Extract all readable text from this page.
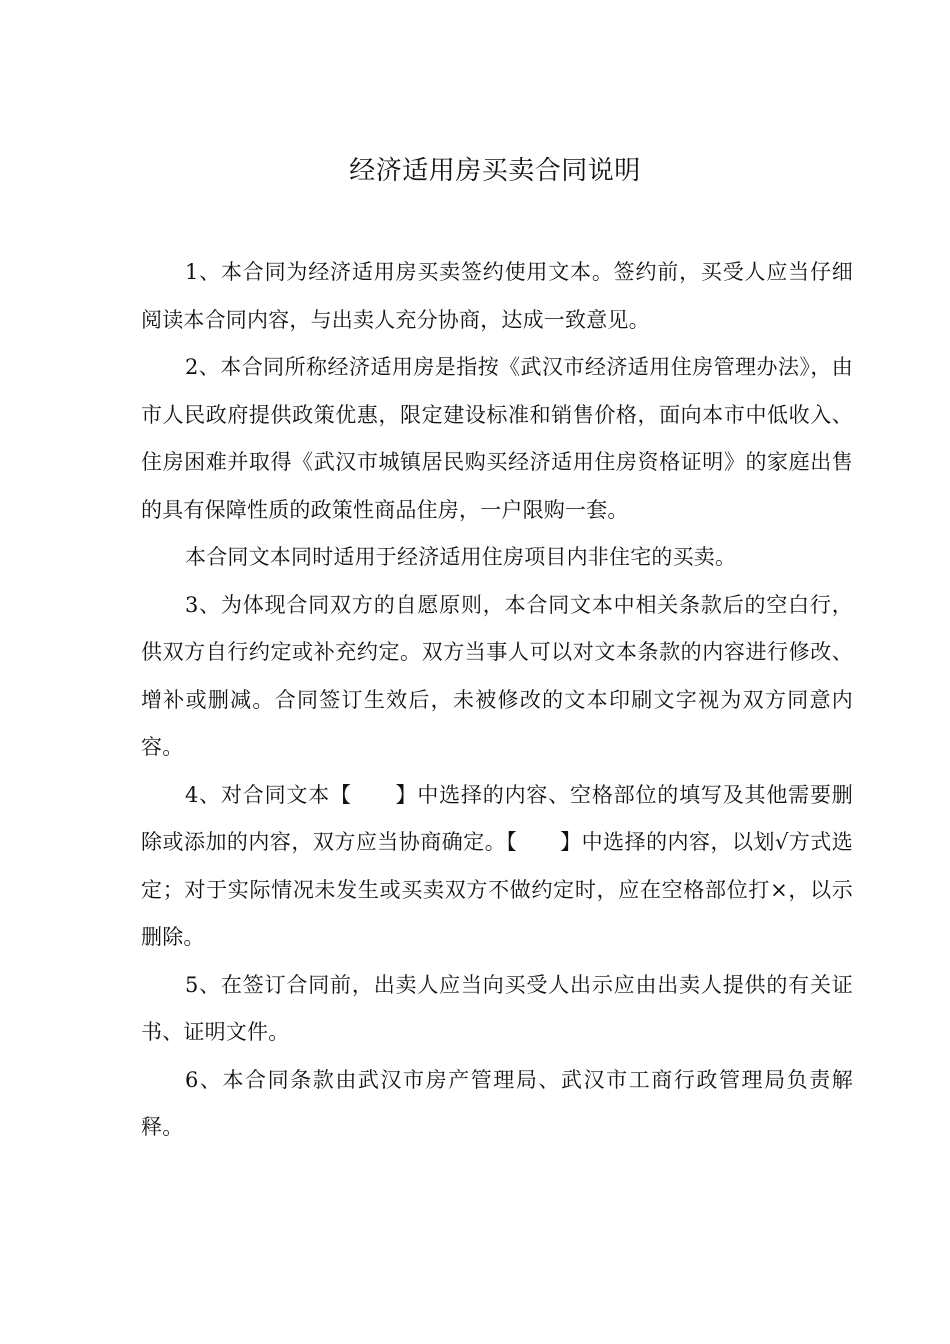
经济适用房买卖合同说明

1、本合同为经济适用房买卖签约使用文本。签约前，买受人应当仔细阅读本合同内容，与出卖人充分协商，达成一致意见。

2、本合同所称经济适用房是指按《武汉市经济适用住房管理办法》，由市人民政府提供政策优惠，限定建设标准和销售价格，面向本市中低收入、住房困难并取得《武汉市城镇居民购买经济适用住房资格证明》的家庭出售的具有保障性质的政策性商品住房，一户限购一套。

本合同文本同时适用于经济适用住房项目内非住宅的买卖。

3、为体现合同双方的自愿原则，本合同文本中相关条款后的空白行，供双方自行约定或补充约定。双方当事人可以对文本条款的内容进行修改、增补或删减。合同签订生效后，未被修改的文本印刷文字视为双方同意内容。

4、对合同文本【　　】中选择的内容、空格部位的填写及其他需要删除或添加的内容，双方应当协商确定。【　　】中选择的内容，以划√方式选定；对于实际情况未发生或买卖双方不做约定时，应在空格部位打×，以示删除。

5、在签订合同前，出卖人应当向买受人出示应由出卖人提供的有关证书、证明文件。

6、本合同条款由武汉市房产管理局、武汉市工商行政管理局负责解释。
